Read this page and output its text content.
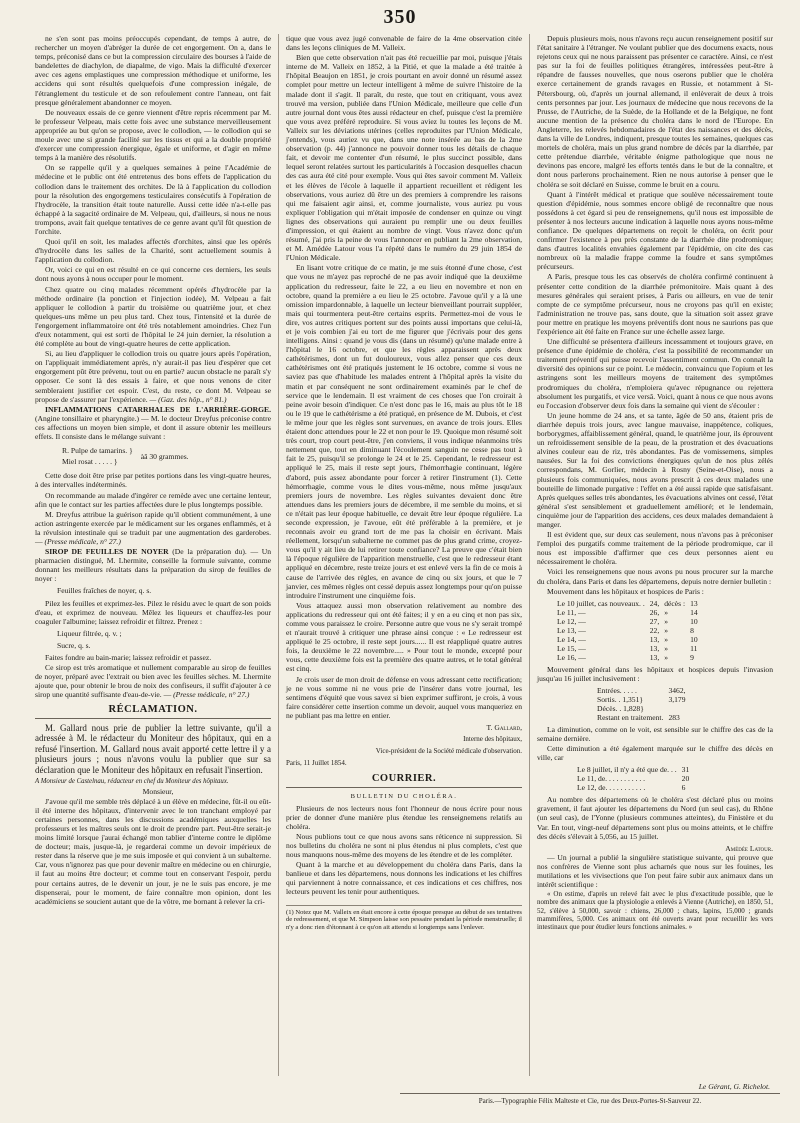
350

ne s'en sont pas moins préoccupés cependant, de temps à autre, de rechercher un moyen d'abréger la durée de cet engorgement. On a, dans le temps, préconisé dans ce but la compression circulaire des bourses à l'aide de bandelettes de diachylon, de diapalme, de vigo. Mais la difficulté d'exercer avec ces agens emplastiques une compression méthodique et uniforme, les accidens qui sont résultés quelquefois d'une compression inégale, de l'étranglement du testicule et de son refoulement contre l'anneau, ont fait presque généralement abandonner ce moyen.

De nouveaux essais de ce genre viennent d'être repris récemment par M. le professeur Velpeau, mais cette fois avec une substance merveilleusement appropriée au but qu'on se propose, avec le collodion, — le collodion qui se moule avec une si grande facilité sur les tissus et qui a la double propriété d'exercer une compression énergique, égale et uniforme, et d'agir en même temps à la manière des résolutifs.

On se rappelle qu'il y a quelques semaines à peine l'Académie de médecine et le public ont été entretenus des bons effets de l'application du collodion dans le traitement des orchites. De là à l'application du collodion pour la résolution des engorgemens testiculaires consécutifs à l'opération de l'hydrocèle, la transition était toute naturelle. Aussi cette idée n'a-t-elle pas échappé à la sagacité ordinaire de M. Velpeau, qui, d'ailleurs, si nous ne nous trompons, avait fait quelque tentatives de ce genre avant qu'il fût question de l'orchite.

Quoi qu'il en soit, les malades affectés d'orchites, ainsi que les opérés d'hydrocèle dans les salles de la Charité, sont actuellement soumis à l'application du collodion.

Or, voici ce qui en est résulté en ce qui concerne ces derniers, les seuls dont nous ayons à nous occuper pour le moment.

Chez quatre ou cinq malades récemment opérés d'hydrocèle par la méthode ordinaire (la ponction et l'injection iodée), M. Velpeau a fait appliquer le collodion à partir du troisième ou quatrième jour, et chez quelques-uns même un peu plus tard. Chez tous, l'intensité et la durée de l'engorgement inflammatoire ont été très notablement amoindries. Chez l'un d'eux notamment, qui est sorti de l'hôpital le 24 juin dernier, la résolution a été complète au bout de vingt-quatre heures de cette application.

Si, au lieu d'appliquer le collodion trois ou quatre jours après l'opération, on l'appliquait immédiatement après, n'y aurait-il pas lieu d'espérer que cet engorgement pût être prévenu, tout ou en partie? aucun obstacle ne paraît s'y opposer. Ce sont là des essais à faire, et que nous venons de citer sembleraient justifier cet espoir. C'est, du reste, ce dont M. Velpeau se propose de s'assurer par l'expérience. — (Gaz. des hôp., n° 81.)

INFLAMMATIONS CATARRHALES DE L'ARRIÈRE-GORGE. (Angine tonsillaire et pharyngite.) — M. le docteur Dreyfus préconise contre ces affections un moyen bien simple, et dont il assure obtenir les meilleurs effets. Il consiste dans le mélange suivant :

R. Pulpe de tamarins. }	àâ 30 grammes.
Miel rosat . . . . . }

Cette dose doit être prise par petites portions dans les vingt-quatre heures, à des intervalles indéterminés.

On recommande au malade d'ingérer ce remède avec une certaine lenteur, afin que le contact sur les parties affectées dure le plus longtemps possible.

M. Dreyfus attribue la guérison rapide qu'il obtient communément, à une action astringente exercée par le médicament sur les organes enflammés, et à la révulsion intestinale qui se traduit par une augmentation des garderobes. — (Presse médicale, n° 27.)

SIROP DE FEUILLES DE NOYER (De la préparation du). — Un pharmacien distingué, M. Lhermite, conseille la formule suivante, comme donnant les meilleurs résultats dans la préparation du sirop de feuilles de noyer :

Feuilles fraîches de noyer, q. s.

Pilez les feuilles et exprimez-les. Pilez le résidu avec le quart de son poids d'eau, et exprimez de nouveau. Mêlez les liqueurs et chauffez-les pour coaguler l'albumine; laissez refroidir et filtrez. Prenez :

Liqueur filtrée, q. v. ;
Sucre, q. s.

Faites fondre au bain-marie; laissez refroidir et passez.

Ce sirop est très aromatique et nullement comparable au sirop de feuilles de noyer, préparé avec l'extrait ou bien avec les feuilles sèches. M. Lhermite ajoute que, pour obtenir le brou de noix des confiseurs, il suffit d'ajouter à ce sirop une quantité suffisante d'eau-de-vie. — (Presse médicale, n° 27.)

RÉCLAMATION.

M. Gallard nous prie de publier la lettre suivante, qu'il a adressée à M. le rédacteur du Moniteur des hôpitaux, qui en a refusé l'insertion. M. Gallard nous avait apporté cette lettre il y a plusieurs jours ; nous n'avons voulu la publier que sur sa déclaration que le Moniteur des hôpitaux en refusait l'insertion.

A Monsieur de Castelnau, rédacteur en chef du Moniteur des hôpitaux.

Monsieur,

J'avoue qu'il me semble très déplacé à un élève en médecine, fût-il ou eût-il été interne des hôpitaux, d'intervenir avec le ton tranchant employé par certaines personnes, dans les discussions académiques auxquelles les professeurs et les maîtres seuls ont le droit de prendre part. Peut-être serait-je moins limité lorsque j'aurai échangé mon tablier d'interne contre le diplôme de docteur; mais, jusque-là, je regarderai comme un devoir impérieux de rester dans la réserve que je me suis imposée et qui convient à un subalterne. Car, vous n'ignorez pas que pour devenir maître en médecine ou en chirurgie, il faut au moins être docteur; et comme tout en conservant l'espoir, perdu pour certains autres, de le devenir un jour, je ne le suis pas encore, je me dispenserai, pour le moment, de faire connaître mon opinion, dont les académiciens se soucient autant que de la vôtre, me bornant à relever la cri-

tique que vous avez jugé convenable de faire de la 4me observation citée dans les leçons cliniques de M. Valleix.

Bien que cette observation n'ait pas été recueillie par moi, puisque j'étais interne de M. Valleix en 1852, à la Pitié, et que la malade a été traitée à l'hôpital Beaujon en 1851, je crois pourtant en avoir donné un résumé assez complet pour mettre un lecteur intelligent à même de suivre l'histoire de la malade dont il s'agit. Il paraît, du reste, que tout en critiquant, vous avez trouvé ma version, publiée dans l'Union Médicale, meilleure que celle d'un autre journal dont vous êtes aussi rédacteur en chef, puisque c'est la première que vous avez préféré reproduire. Si vous aviez lu toutes les leçons de M. Valleix sur les déviations utérines (celles reproduites par l'Union Médicale, j'entends), vous auriez vu que, dans une note insérée au bas de la 2me observation (p. 44) j'annonce ne pouvoir donner tous les détails de chaque fait, et devoir me contenter d'un résumé, le plus succinct possible, dans lequel seront relatées surtout les particularités à l'occasion desquelles chacun des cas aura été cité pour exemple. Vous qui êtes savoir comment M. Valleix et les élèves de l'école à laquelle il appartient recueillent et rédigent les observations, vous auriez dû être un des premiers à comprendre les raisons qui me faisaient agir ainsi, et, comme journaliste, vous auriez pu vous expliquer l'obligation qui m'était imposée de condenser en quinze ou vingt lignes des observations qui auraient pu remplir une ou deux feuilles d'impression, et qui étaient au nombre de vingt. Vous n'avez donc qu'un résumé, j'ai pris la peine de vous l'annoncer en publiant la 2me observation, et M. Amédée Latour vous l'a répété dans le numéro du 29 juin 1854 de l'Union Médicale.

En lisant votre critique de ce matin, je me suis étonné d'une chose, c'est que vous ne m'ayez pas reproché de ne pas avoir indiqué que la deuxième application du redresseur, faite le 22, a eu lieu en novembre et non en octobre, quand la première a eu lieu le 25 octobre. J'avoue qu'il y a là une omission impardonnable, à laquelle un lecteur bienveillant pourrait suppléer, mais qui tourmentera peut-être certains esprits. Permettez-moi de vous le dire, vos autres critiques portent sur des points aussi importans que celui-là, et je vois combien j'ai eu tort de me figurer que j'écrivais pour des gens intelligens. Ainsi : quand je vous dis (dans un résumé) qu'une malade entre à l'hôpital le 16 octobre, et que les règles apparaissent après deux cathétérismes, dont un fut douloureux, vous allez penser que ces deux cathétérismes ont été pratiqués justement le 16 octobre, comme si vous ne saviez pas que d'habitude les malades entrent à l'hôpital après la visite du matin et par conséquent ne sont ordinairement examinés par le chef de service que le lendemain. Il est vraiment de ces choses que l'on croirait à peine avoir besoin d'indiquer. Ce n'est donc pas le 16, mais au plus tôt le 18 ou le 19 que le cathétérisme a été pratiqué, en présence de M. Dubois, et c'est le même jour que les règles sont survenues, en avance de trois jours. Elles étaient donc attendues pour le 22 et non pour le 19. Quoique mon résumé soit très court, trop court peut-être, j'en conviens, il vous indique néanmoins très nettement que, tout en diminuant l'écoulement sanguin ne cesse pas tout à fait le 25, puisqu'il se prolonge le 24 et le 25. Cependant, le redresseur est appliqué le 25, mais il reste sept jours, l'hémorrhagie continuant, légère d'abord, puis assez abondante pour forcer à retirer l'instrument (1). Cette hémorrhagie, comme vous le dites vous-même, nous même jusqu'aux premiers jours de novembre. Les règles suivantes devaient donc être attendues dans les premiers jours de décembre, il me semble du moins, et si ce n'était pas leur époque habituelle, ce devait être leur époque régulière. La seconde expression, je l'avoue, eût été préférable à la première, et je reconnais avoir eu grand tort de me pas la choisir en écrivant. Mais réellement, lorsqu'un subalterne ne commet pas de plus grand crime, croyez-vous qu'il y ait lieu de lui retirer toute confiance? La preuve que c'était bien là l'époque régulière de l'apparition menstruelle, c'est que le redresseur étant appliqué en décembre, reste treize jours et est enlevé vers la fin de ce mois à cause de l'arrivée des règles, en avance de cinq ou six jours, et que le 7 janvier, ces mêmes règles ont cessé depuis assez longtemps pour qu'on puisse introduire l'instrument une cinquième fois.

Vous attaquez aussi mon observation relativement au nombre des applications du redresseur qui ont été faites; il y en a eu cinq et non pas six, comme vous paraissez le croire. Personne autre que vous ne s'y serait trompé et n'aurait trouvé à critiquer une phrase ainsi conçue : « Le redresseur est appliqué le 25 octobre, il reste sept jours...... Il est réappliqué quatre autres fois, la deuxième le 22 novembre..... » Pour tout le monde, excepté pour vous, cette deuxième fois est la première des quatre autres, et le total général est cinq.

Je crois user de mon droit de défense en vous adressant cette rectification; je ne vous somme ni ne vous prie de l'insérer dans votre journal, les sentimens d'équité que vous savez si bien exprimer suffiront, je crois, à vous faire considérer cette insertion comme un devoir, auquel vous manqueriez en ne publiant pas ma lettre en entier.

T. Gallard,
Interne des hôpitaux,
Vice-président de la Société médicale d'observation.
Paris, 11 Juillet 1854.
COURRIER.
BULLETIN DU CHOLÉRA.

Plusieurs de nos lecteurs nous font l'honneur de nous écrire pour nous prier de donner d'une manière plus étendue les renseignemens relatifs au choléra.

Nous publions tout ce que nous avons sans réticence ni suppression. Si nos bulletins du choléra ne sont ni plus étendus ni plus complets, c'est que nous manquons nous-même des moyens de les étendre et de les compléter.

Quant à la marche et au développement du choléra dans Paris, dans la banlieue et dans les départemens, nous donnons les indications et les chiffres qui parviennent à notre connaissance, et ces indications et ces chiffres, nos lecteurs peuvent les tenir pour authentiques.

(1) Notez que M. Valleix en était encore à cette époque presque au début de ses tentatives de redressement, et que M. Simpson laisse son pessaire pendant la période menstruelle; il n'y a donc rien d'étonnant à ce qu'on ait attendu si longtemps sans l'enlever.

Depuis plusieurs mois, nous n'avons reçu aucun renseignement positif sur l'état sanitaire à l'étranger. Ne voulant publier que des documens exacts, nous rejetons ceux qui ne nous paraissent pas présenter ce caractère. Ainsi, ce n'est pas sur la foi de feuilles politiques étrangères, intéressées peut-être à répandre de fausses nouvelles, que nous oserons publier que le choléra exerce certainement de grands ravages en Russie, et notamment à St-Pétersbourg, où, d'après un journal allemand, il enlèverait de deux à trois cents personnes par jour. Les journaux de médecine que nous recevons de la Prusse, de l'Autriche, de la Suède, de la Hollande et de la Belgique, ne font aucune mention de la présence du choléra dans le nord de l'Europe. En Angleterre, les relevés hebdomadaires de l'état des naissances et des décès, dans la ville de Londres, indiquent, presque toutes les semaines, quelques cas mortels de choléra, mais un plus grand nombre de décès par la diarrhée, par cette prétendue diarrhée, véritable énigme pathologique que nous ne devinons pas encore, malgré les efforts tentés dans le but de la connaître, et dont nous parlerons prochainement. Rien ne nous autorise à penser que le choléra se soit déclaré en Suisse, comme le bruit en a couru.

Quant à l'intérêt médical et pratique que soulève nécessairement toute question d'épidémie, nous sommes encore obligé de reconnaître que nous possédons à cet égard si peu de renseignemens, qu'il nous est impossible de présenter à nos lecteurs aucune indication à laquelle nous ayons nous-même confiance. De quelques départemens on reçoit le choléra, on écrit pour confirmer l'existence à peu près constante de la diarrhée dite prodromique; dans d'autres localités envahies également par l'épidémie, on cite des cas nombreux où la maladie frappe comme la foudre et sans symptômes précurseurs.

A Paris, presque tous les cas observés de choléra confirmé continuent à présenter cette condition de la diarrhée prémonitoire. Mais quant à des mesures générales qui seraient prises, à Paris ou ailleurs, en vue de tenir compte de ce symptôme précurseur, nous ne croyons pas qu'il en existe; l'administration ne trouve pas, sans doute, que la situation soit assez grave pour mettre en pratique les moyens préventifs dont nous ne saurions pas que l'expérience ait été faite en France sur une échelle assez large.

Une difficulté se présentera d'ailleurs incessamment et toujours grave, en présence d'une épidémie de choléra, c'est la possibilité de recommander un traitement préventif qui puisse recevoir l'assentiment commun. On connaît la diversité des opinions sur ce point. Le médecin, convaincu que l'opium et les astringens sont les meilleurs moyens de traitement des symptômes prodromiques du choléra, n'emploiera qu'avec répugnance ou rejettera absolument les purgatifs, et vice versâ. Voici, quant à nous ce que nous avons eu l'occasion d'observer deux fois dans la semaine qui vient de s'écouler :

Un jeune homme de 24 ans, et sa tante, âgée de 50 ans, étaient pris de diarrhée depuis trois jours, avec langue mauvaise, inappétence, coliques, borborygmes, affaiblissement général, quand, le quatrième jour, ils éprouvent un refroidissement sensible de la peau, de la prostration et des évacuations alvines couleur eau de riz, très abondantes. Pas de vomissemens, simples nausées. Sur la foi des convictions énergiques qu'un de nos plus zélés correspondans, M. Gorlier, médecin à Rosny (Seine-et-Oise), nous a plusieurs fois communiquées, nous avons prescrit à ces deux malades une bouteille de limonade purgative : l'effet en a été aussi rapide que satisfaisant. Après quelques selles très abondantes, les évacuations alvines ont cessé, l'état général s'est sensiblement et graduellement amélioré; et le lendemain, cinquième jour de l'apparition des accidens, ces deux malades demandaient à manger.

Il est évident que, sur deux cas seulement, nous n'avons pas à préconiser l'emploi des purgatifs comme traitement de la période prodromique, car il nous est impossible d'affirmer que ces deux personnes aient eu nécessairement le choléra.

Voici les renseignemens que nous avons pu nous procurer sur la marche du choléra, dans Paris et dans les départemens, depuis notre dernier bulletin :

Mouvement dans les hôpitaux et hospices de Paris :

Le 10 juillet, cas nouveaux. .	24,	décès :	13
Le 11, —	26,	»	14
Le 12, —	27,	»	10
Le 13, —	22,	»	8
Le 14, —	13,	»	10
Le 15, —	13,	»	11
Le 16, —	13,	»	9

Mouvement général dans les hôpitaux et hospices depuis l'invasion jusqu'au 16 juillet inclusivement :

Entrées. . . . .	3462,
Sortis. . 1,351}	3,179
Décès. . 1,828}	
Restant en traitement.	283

La diminution, comme on le voit, est sensible sur le chiffre des cas de la semaine dernière.

Cette diminution a été également marquée sur le chiffre des décès en ville, car

Le 8 juillet, il n'y a été que de. . .	31
Le 11, de. . . . . . . . . . .	20
Le 12, de. . . . . . . . . . .	6

Au nombre des départemens où le choléra s'est déclaré plus ou moins gravement, il faut ajouter les départemens du Nord (un seul cas), du Rhône (un seul cas), de l'Yonne (plusieurs communes atteintes), du Finistère et du Var. En tout, vingt-neuf départemens sont plus ou moins atteints, et le chiffre des décès s'élevait à 5,056, au 15 juillet.

Amédée Latour.

— Un journal a publié la singulière statistique suivante, qui prouve que nos confrères de Vienne sont plus acharnés que nous sur les fouines, les mutilations et les vivisections que l'on peut faire subir aux animaux dans un intérêt scientifique :

« On estime, d'après un relevé fait avec le plus d'exactitude possible, que le nombre des animaux que la physiologie a enlevés à Vienne (Autriche), en 1850, 51, 52, s'élève à 50,000, savoir : chiens, 26,000 ; chats, lapins, 15,000 ; grands mammifères, 5,000. Ces animaux ont été ouverts avant pour recueillir les vers intestinaux que pour étudier leurs fonctions animales. »

Le Gérant, G. Richelot.
Paris.—Typographie Félix Malteste et Cie, rue des Deux-Portes-St-Sauveur 22.
